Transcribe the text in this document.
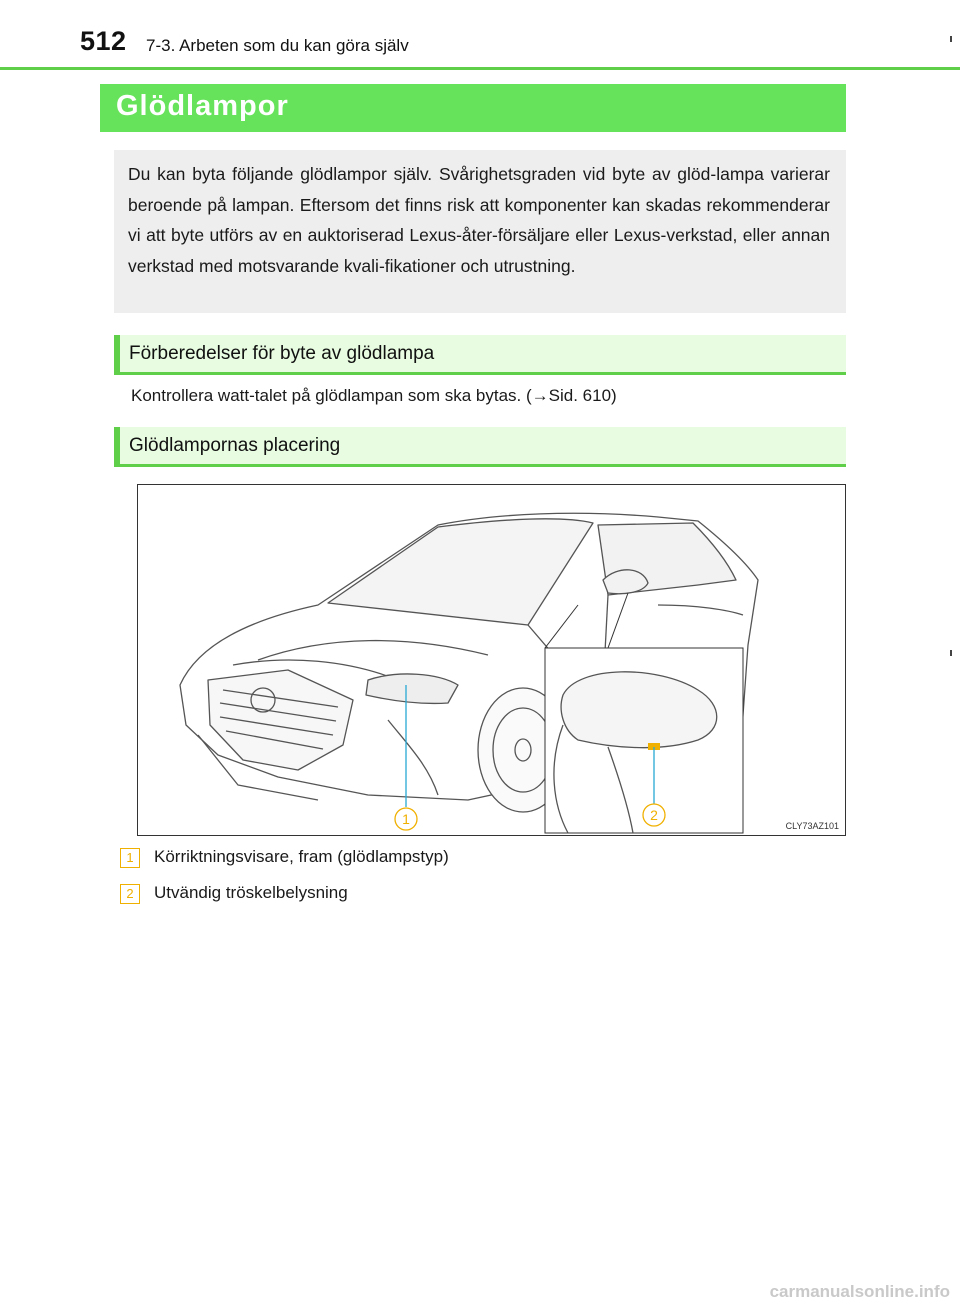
512 7-3. Arbeten som du kan göra själv
Glödlampor

Du kan byta följande glödlampor själv. Svårighetsgraden vid byte av glöd-lampa varierar beroende på lampan. Eftersom det finns risk att komponenter kan skadas rekommenderar vi att byte utförs av en auktoriserad Lexus-åter-försäljare eller Lexus-verkstad, eller annan verkstad med motsvarande kvali-fikationer och utrustning.

Förberedelser för byte av glödlampa
Kontrollera watt-talet på glödlampan som ska bytas. (→Sid. 610)
Glödlampornas placering
1	2
CLY73AZ101
1 Körriktningsvisare, fram (glödlampstyp)
2 Utvändig tröskelbelysning
carmanualsonline.info
